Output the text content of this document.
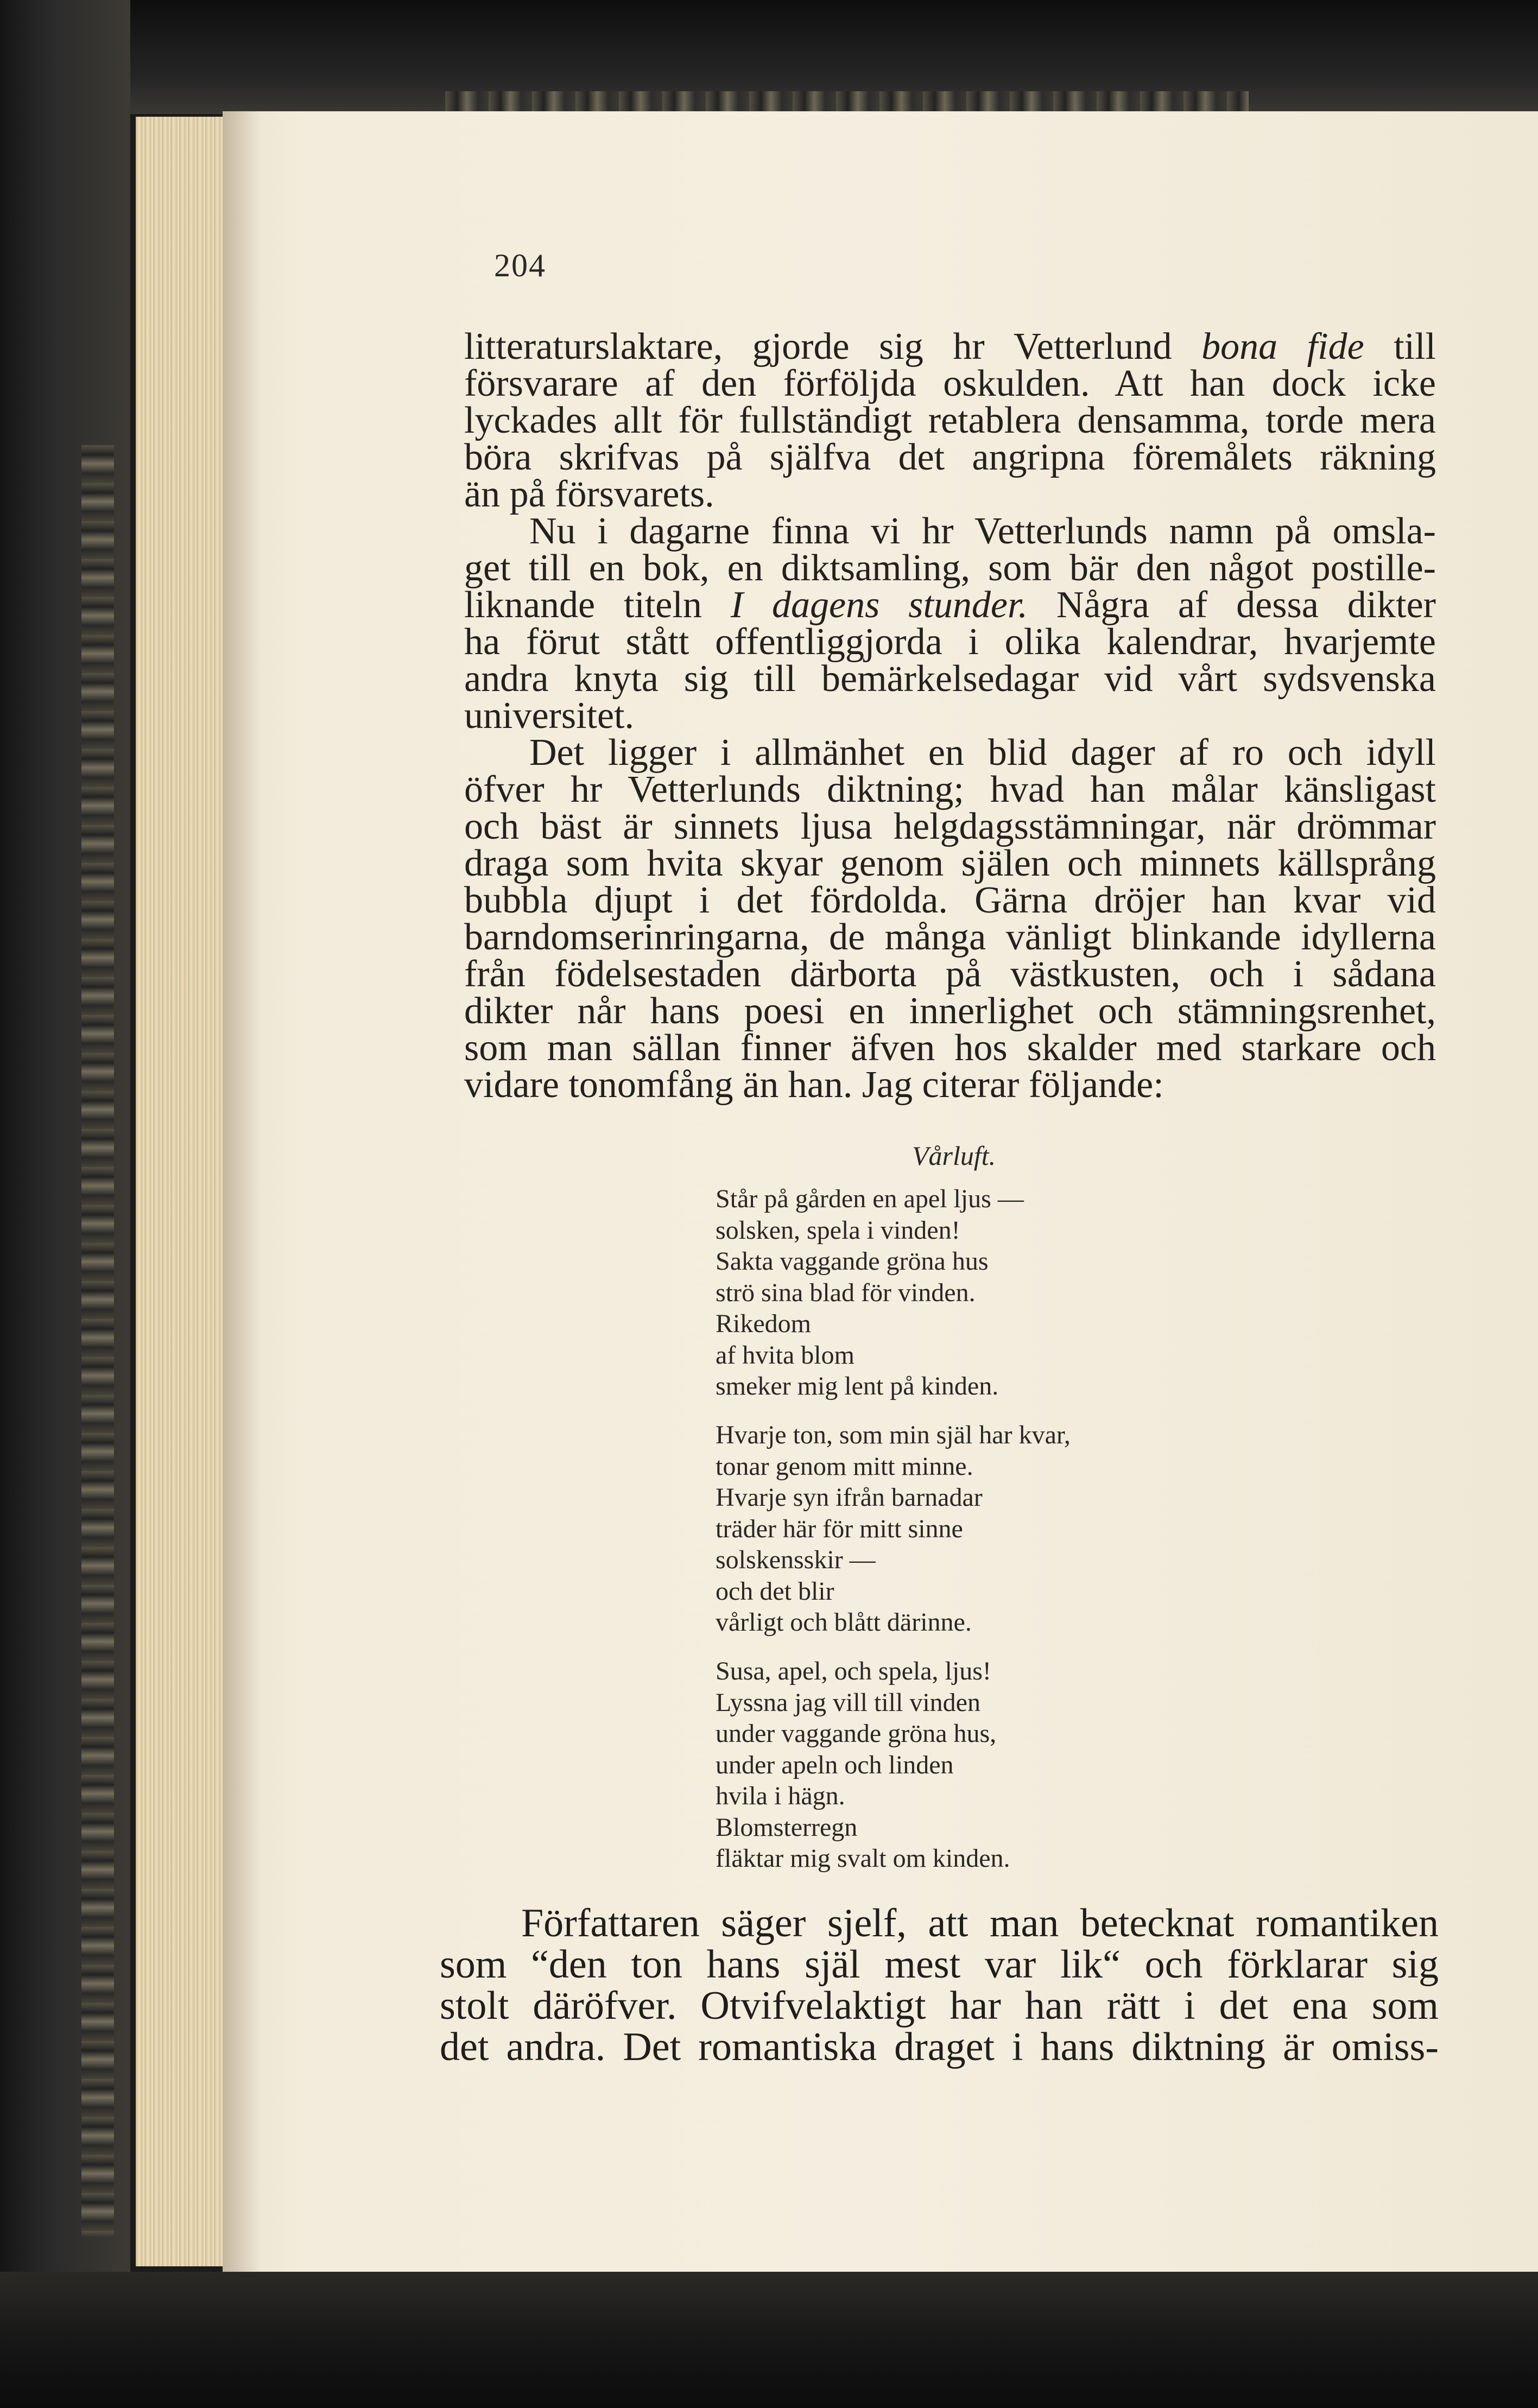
204
litteraturslaktare, gjorde sig hr Vetterlund bona fide till
försvarare af den förföljda oskulden. Att han dock icke
lyckades allt för fullständigt retablera densamma, torde mera
böra skrifvas på själfva det angripna föremålets räkning
än på försvarets.
Nu i dagarne finna vi hr Vetterlunds namn på omsla-
get till en bok, en diktsamling, som bär den något postille-
liknande titeln I dagens stunder. Några af dessa dikter
ha förut stått offentliggjorda i olika kalendrar, hvarjemte
andra knyta sig till bemärkelsedagar vid vårt sydsvenska
universitet.
Det ligger i allmänhet en blid dager af ro och idyll
öfver hr Vetterlunds diktning; hvad han målar känsligast
och bäst är sinnets ljusa helgdagsstämningar, när drömmar
draga som hvita skyar genom själen och minnets källsprång
bubbla djupt i det fördolda. Gärna dröjer han kvar vid
barndomserinringarna, de många vänligt blinkande idyllerna
från födelsestaden därborta på västkusten, och i sådana
dikter når hans poesi en innerlighet och stämningsrenhet,
som man sällan finner äfven hos skalder med starkare och
vidare tonomfång än han. Jag citerar följande:
Vårluft.
Står på gården en apel ljus —
solsken, spela i vinden!
Sakta vaggande gröna hus
strö sina blad för vinden.
Rikedom
af hvita blom
smeker mig lent på kinden.
Hvarje ton, som min själ har kvar,
tonar genom mitt minne.
Hvarje syn ifrån barnadar
träder här för mitt sinne
solskensskir —
och det blir
vårligt och blått därinne.
Susa, apel, och spela, ljus!
Lyssna jag vill till vinden
under vaggande gröna hus,
under apeln och linden
hvila i hägn.
Blomsterregn
fläktar mig svalt om kinden.
Författaren säger sjelf, att man betecknat romantiken
som “den ton hans själ mest var lik“ och förklarar sig
stolt däröfver. Otvifvelaktigt har han rätt i det ena som
det andra. Det romantiska draget i hans diktning är omiss-
